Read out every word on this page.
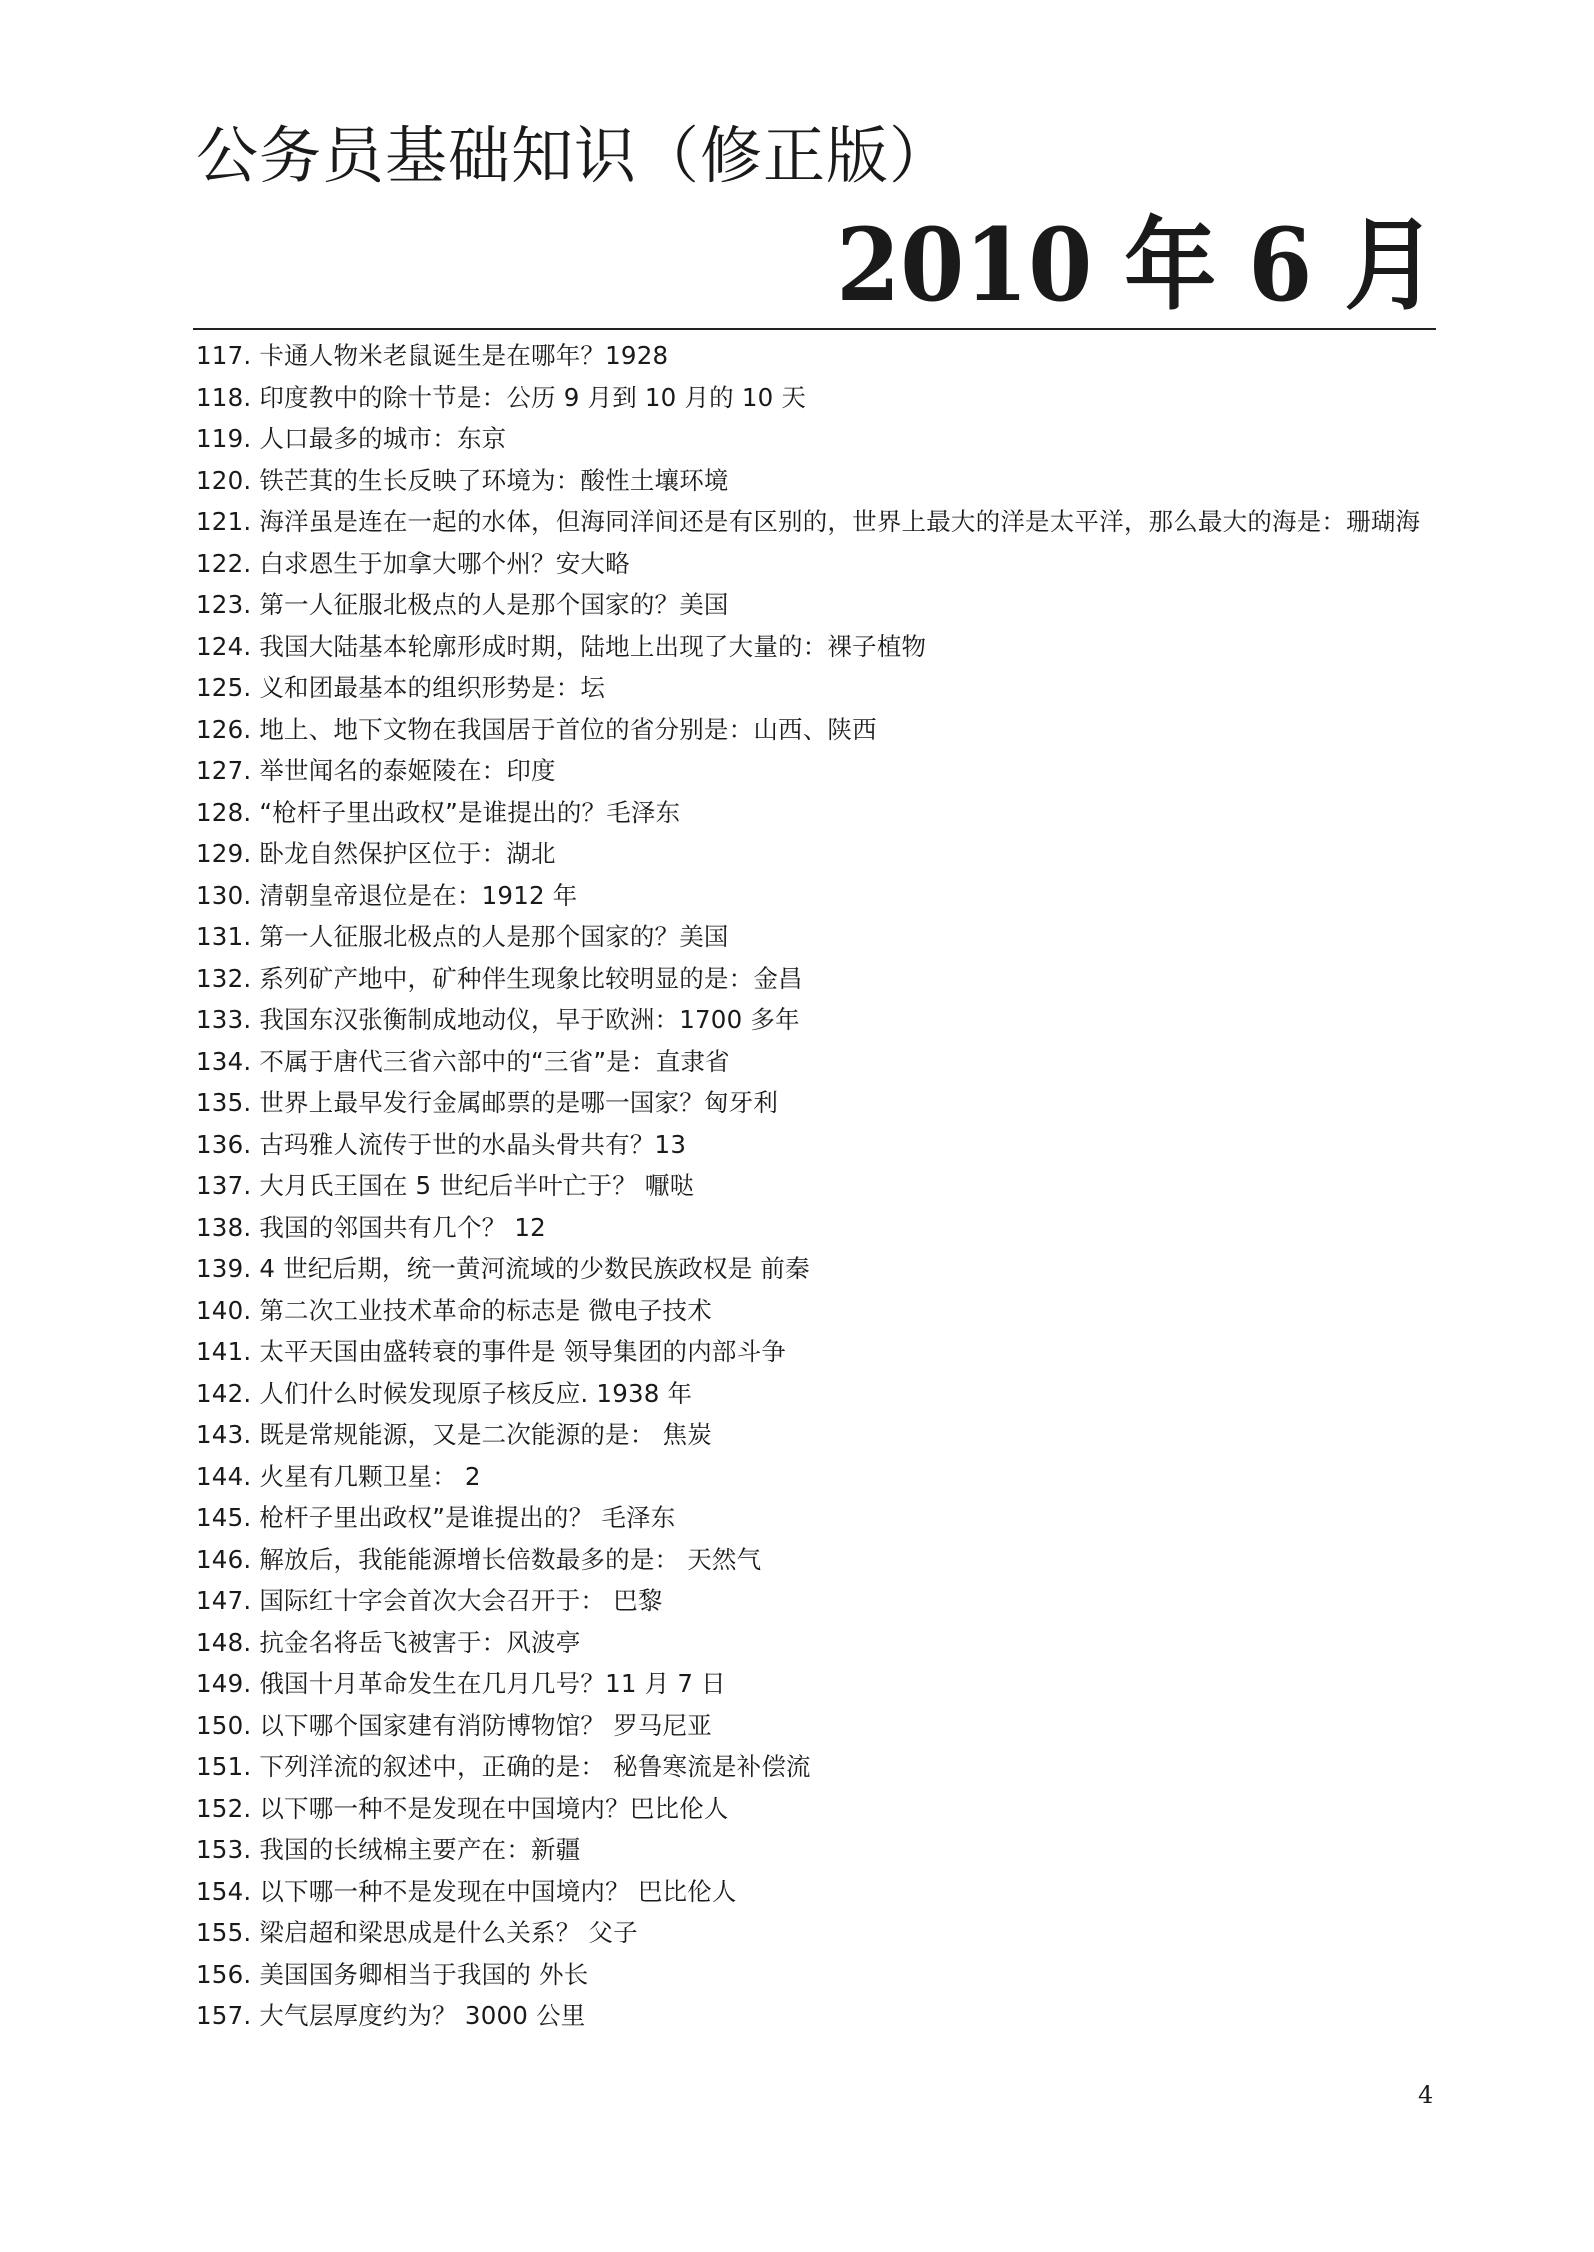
公务员基础知识（修正版）
2010 年 6 月
117. 卡通人物米老鼠诞生是在哪年？1928
118. 印度教中的除十节是：公历 9 月到 10 月的 10 天
119. 人口最多的城市：东京
120. 铁芒萁的生长反映了环境为：酸性土壤环境
121. 海洋虽是连在一起的水体，但海同洋间还是有区别的，世界上最大的洋是太平洋，那么最大的海是：珊瑚海
122. 白求恩生于加拿大哪个州？安大略
123. 第一人征服北极点的人是那个国家的？美国
124. 我国大陆基本轮廓形成时期，陆地上出现了大量的：裸子植物
125. 义和团最基本的组织形势是：坛
126. 地上、地下文物在我国居于首位的省分别是：山西、陕西
127. 举世闻名的泰姬陵在：印度
128. “枪杆子里出政权”是谁提出的？毛泽东
129. 卧龙自然保护区位于：湖北
130. 清朝皇帝退位是在：1912 年
131. 第一人征服北极点的人是那个国家的？美国
132. 系列矿产地中，矿种伴生现象比较明显的是：金昌
133. 我国东汉张衡制成地动仪，早于欧洲：1700 多年
134. 不属于唐代三省六部中的“三省”是：直隶省
135. 世界上最早发行金属邮票的是哪一国家？匈牙利
136. 古玛雅人流传于世的水晶头骨共有？13
137. 大月氏王国在 5 世纪后半叶亡于？ 嚈哒
138. 我国的邻国共有几个？ 12
139. 4 世纪后期，统一黄河流域的少数民族政权是 前秦
140. 第二次工业技术革命的标志是 微电子技术
141. 太平天国由盛转衰的事件是 领导集团的内部斗争
142. 人们什么时候发现原子核反应. 1938 年
143. 既是常规能源，又是二次能源的是： 焦炭
144. 火星有几颗卫星： 2
145. 枪杆子里出政权”是谁提出的？ 毛泽东
146. 解放后，我能能源增长倍数最多的是： 天然气
147. 国际红十字会首次大会召开于： 巴黎
148. 抗金名将岳飞被害于：风波亭
149. 俄国十月革命发生在几月几号？11 月 7 日
150. 以下哪个国家建有消防博物馆？ 罗马尼亚
151. 下列洋流的叙述中，正确的是： 秘鲁寒流是补偿流
152. 以下哪一种不是发现在中国境内？巴比伦人
153. 我国的长绒棉主要产在：新疆
154. 以下哪一种不是发现在中国境内？ 巴比伦人
155. 梁启超和梁思成是什么关系？ 父子
156. 美国国务卿相当于我国的 外长
157. 大气层厚度约为？ 3000 公里
4
